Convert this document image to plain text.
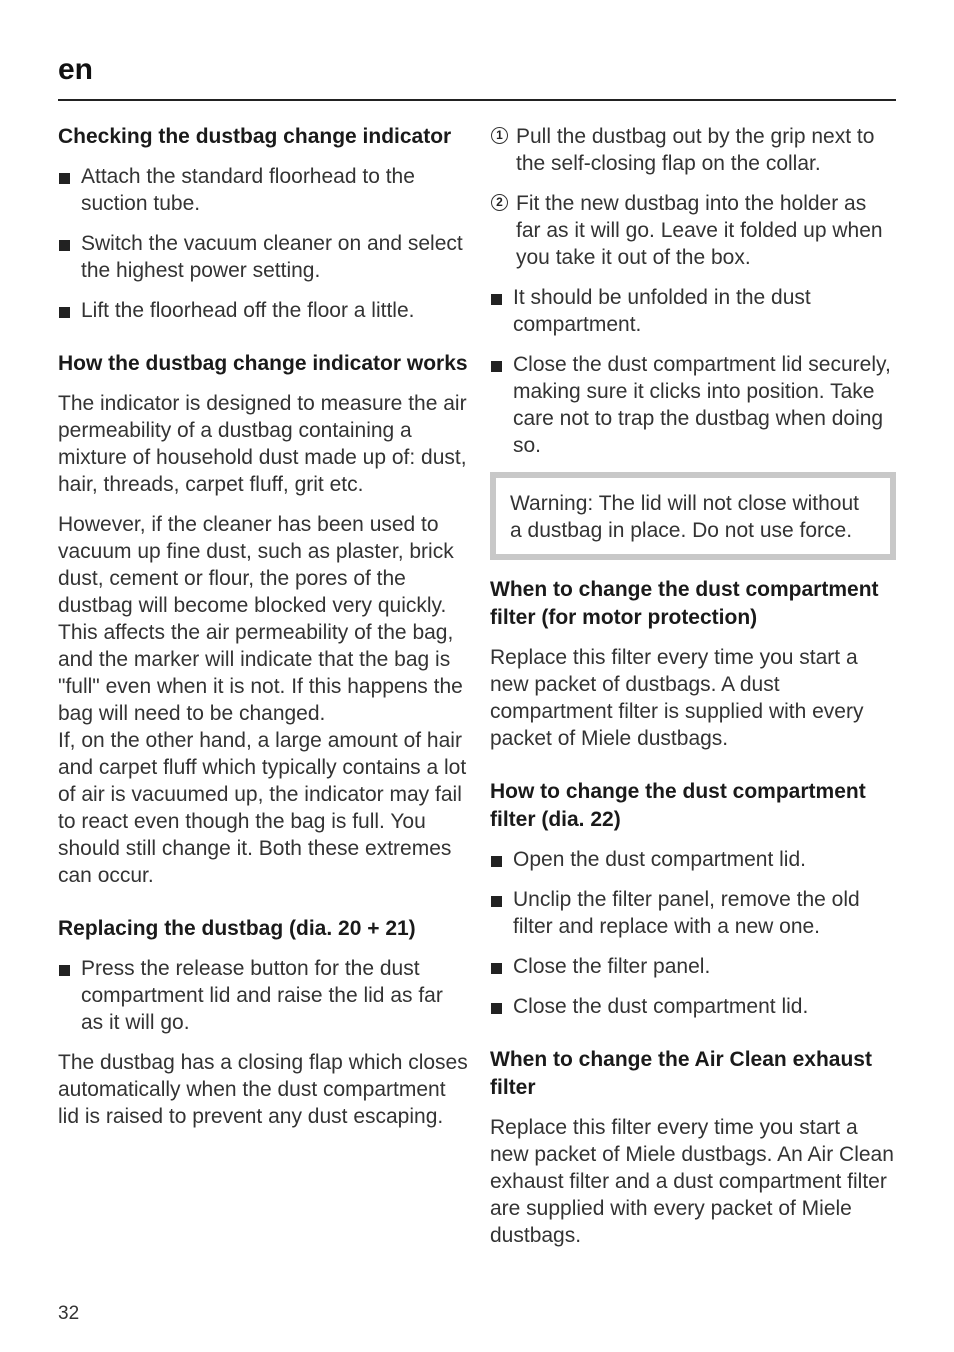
en
Checking the dustbag change indicator
Attach the standard floorhead to the suction tube.
Switch the vacuum cleaner on and select the highest power setting.
Lift the floorhead off the floor a little.
How the dustbag change indicator works

The indicator is designed to measure the air permeability of a dustbag containing a mixture of household dust made up of: dust, hair, threads, carpet fluff, grit etc.

However, if the cleaner has been used to vacuum up fine dust, such as plaster, brick dust, cement or flour, the pores of the dustbag will become blocked very quickly. This affects the air permeability of the bag, and the marker will indicate that the bag is "full" even when it is not. If this happens the bag will need to be changed.

If, on the other hand, a large amount of hair and carpet fluff which typically contains a lot of air is vacuumed up, the indicator may fail to react even though the bag is full. You should still change it. Both these extremes can occur.

Replacing the dustbag (dia. 20 + 21)
Press the release button for the dust compartment lid and raise the lid as far as it will go.

The dustbag has a closing flap which closes automatically when the dust compartment lid is raised to prevent any dust escaping.

1 Pull the dustbag out by the grip next to the self-closing flap on the collar.
2 Fit the new dustbag into the holder as far as it will go. Leave it folded up when you take it out of the box.
It should be unfolded in the dust compartment.
Close the dust compartment lid securely, making sure it clicks into position. Take care not to trap the dustbag when doing so.
Warning: The lid will not close without a dustbag in place. Do not use force.
When to change the dust compartment filter (for motor protection)

Replace this filter every time you start a new packet of dustbags. A dust compartment filter is supplied with every packet of Miele dustbags.

How to change the dust compartment filter (dia. 22)
Open the dust compartment lid.
Unclip the filter panel, remove the old filter and replace with a new one.
Close the filter panel.
Close the dust compartment lid.
When to change the Air Clean exhaust filter

Replace this filter every time you start a new packet of Miele dustbags. An Air Clean exhaust filter and a dust compartment filter are supplied with every packet of Miele dustbags.

32
